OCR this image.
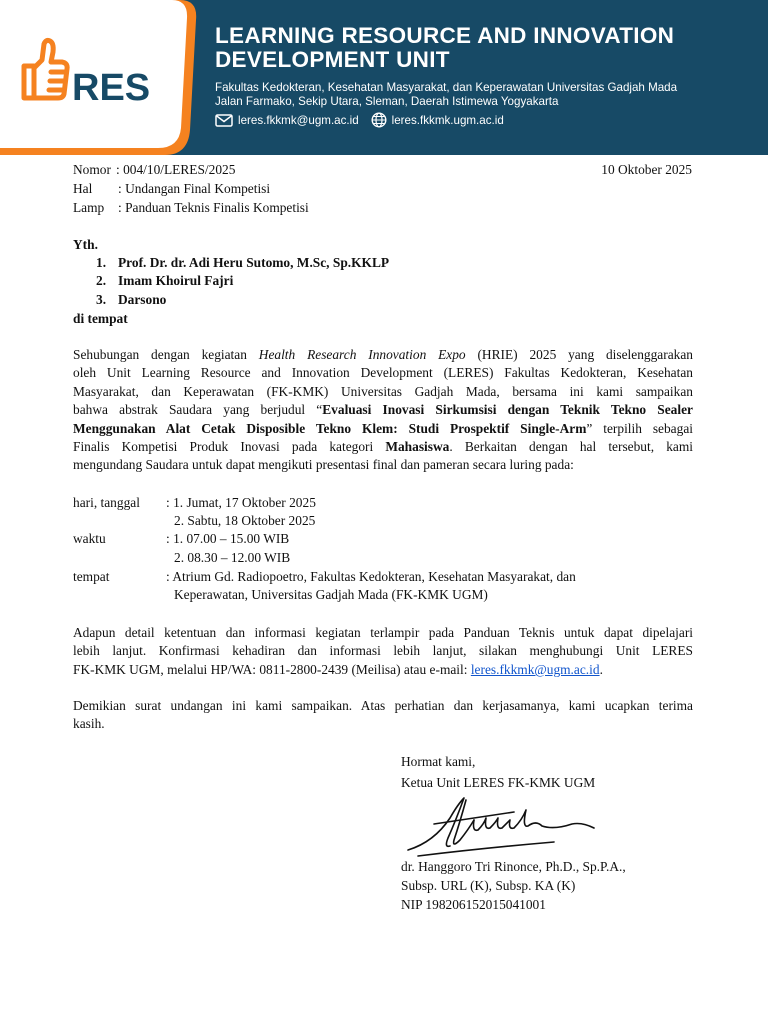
RES
LEARNING RESOURCE AND INNOVATION
DEVELOPMENT UNIT
Fakultas Kedokteran, Kesehatan Masyarakat, dan Keperawatan Universitas Gadjah Mada
Jalan Farmako, Sekip Utara, Sleman, Daerah Istimewa Yogyakarta
leres.fkkmk@ugm.ac.id	leres.fkkmk.ugm.ac.id
Nomor : 004/10/LERES/2025	10 Oktober 2025
Hal : Undangan Final Kompetisi
Lamp : Panduan Teknis Finalis Kompetisi
Yth.
1. Prof. Dr. dr. Adi Heru Sutomo, M.Sc, Sp.KKLP
2. Imam Khoirul Fajri
3. Darsono
di tempat
Sehubungan dengan kegiatan Health Research Innovation Expo (HRIE) 2025 yang diselenggarakan
oleh Unit Learning Resource and Innovation Development (LERES) Fakultas Kedokteran, Kesehatan
Masyarakat, dan Keperawatan (FK-KMK) Universitas Gadjah Mada, bersama ini kami sampaikan
bahwa abstrak Saudara yang berjudul “Evaluasi Inovasi Sirkumsisi dengan Teknik Tekno Sealer
Menggunakan Alat Cetak Disposible Tekno Klem: Studi Prospektif Single-Arm” terpilih sebagai
Finalis Kompetisi Produk Inovasi pada kategori Mahasiswa. Berkaitan dengan hal tersebut, kami
mengundang Saudara untuk dapat mengikuti presentasi final dan pameran secara luring pada:
hari, tanggal : 1. Jumat, 17 Oktober 2025
2. Sabtu, 18 Oktober 2025
waktu	: 1. 07.00 – 15.00 WIB
2. 08.30 – 12.00 WIB
tempat	: Atrium Gd. Radiopoetro, Fakultas Kedokteran, Kesehatan Masyarakat, dan
Keperawatan, Universitas Gadjah Mada (FK-KMK UGM)
Adapun detail ketentuan dan informasi kegiatan terlampir pada Panduan Teknis untuk dapat dipelajari
lebih lanjut. Konfirmasi kehadiran dan informasi lebih lanjut, silakan menghubungi Unit LERES
FK-KMK UGM, melalui HP/WA: 0811-2800-2439 (Meilisa) atau e-mail: leres.fkkmk@ugm.ac.id.
Demikian surat undangan ini kami sampaikan. Atas perhatian dan kerjasamanya, kami ucapkan terima
kasih.
Hormat kami,
Ketua Unit LERES FK-KMK UGM
dr. Hanggoro Tri Rinonce, Ph.D., Sp.P.A.,
Subsp. URL (K), Subsp. KA (K)
NIP 198206152015041001
